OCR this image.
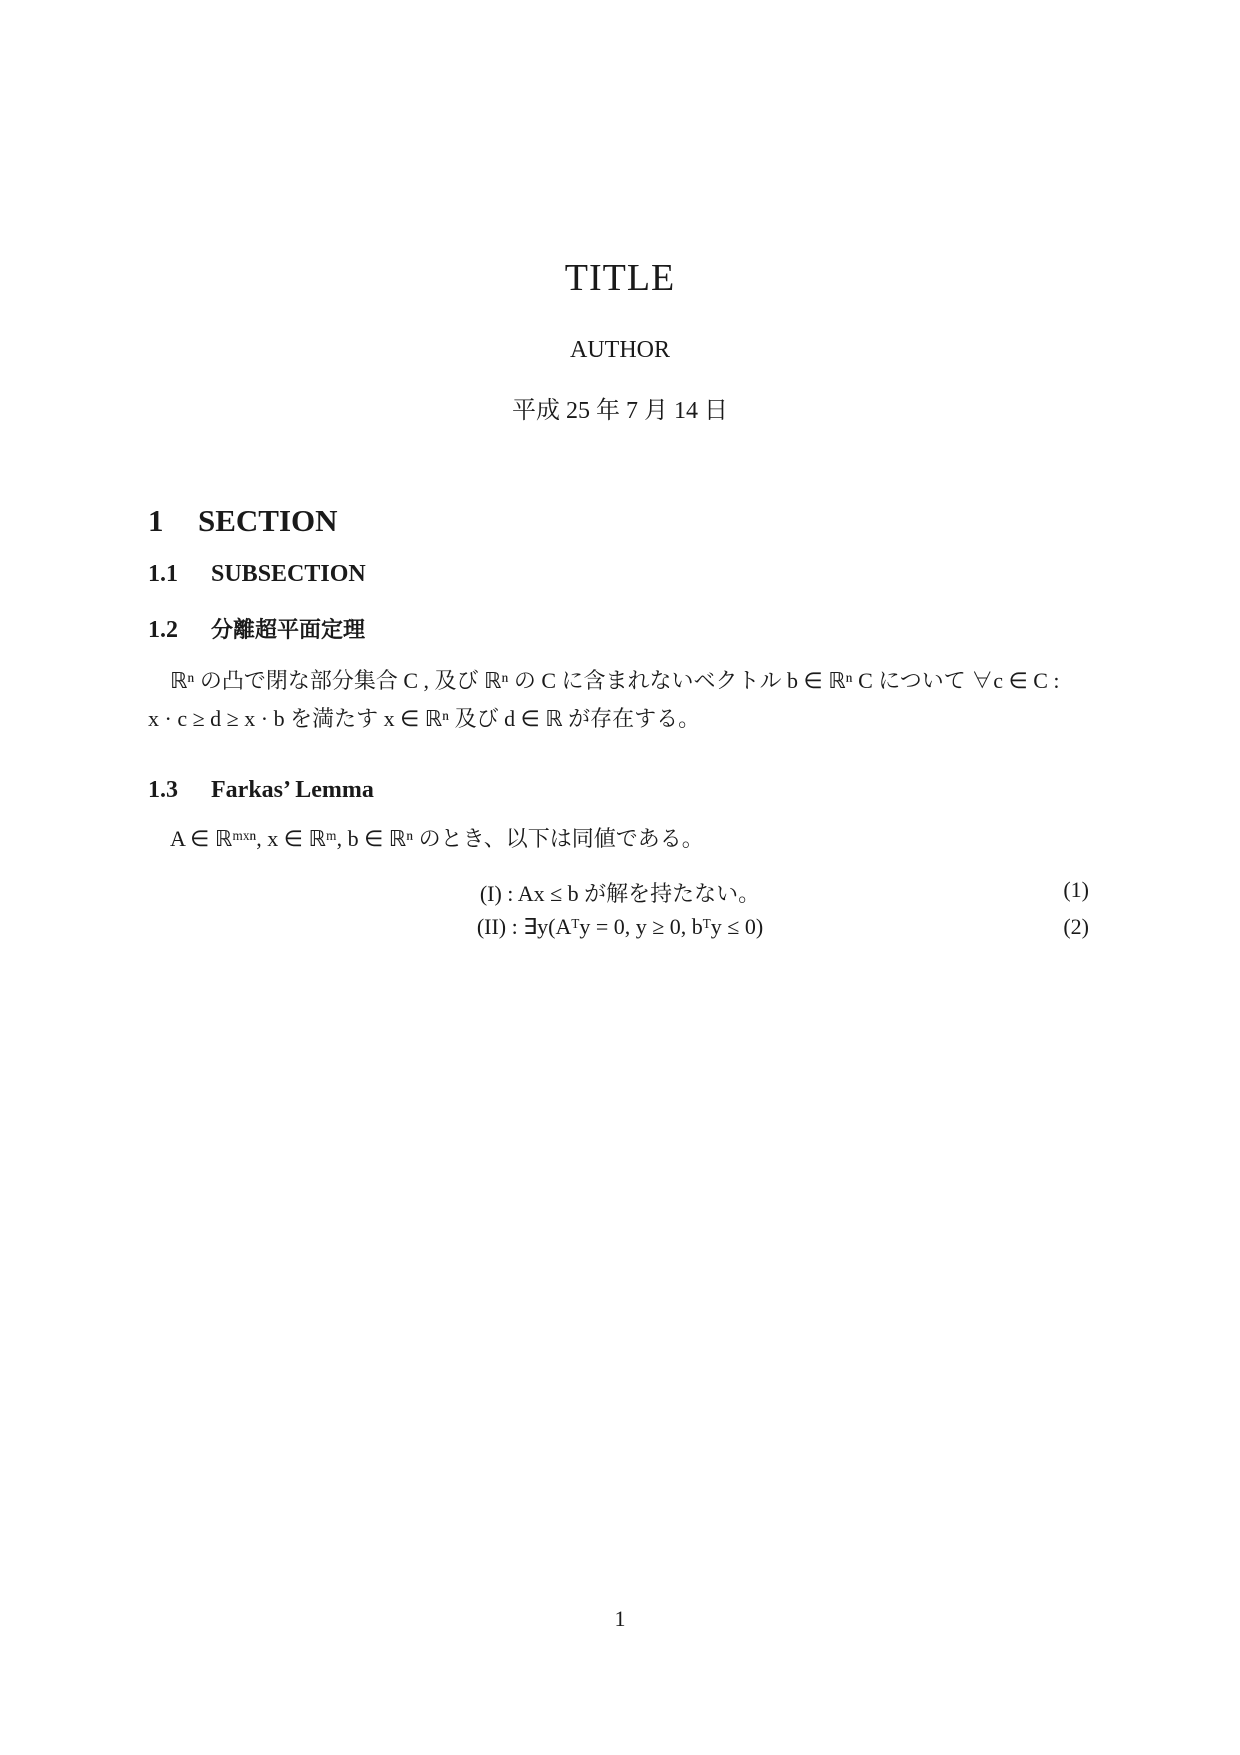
TITLE
AUTHOR
平成 25 年 7 月 14 日
1 SECTION
1.1 SUBSECTION
1.2 分離超平面定理
ℝⁿ の凸で閉な部分集合 C , 及び ℝⁿ の C に含まれないベクトル b ∈ ℝⁿ C について ∀c ∈ C :
x · c ≥ d ≥ x · b を満たす x ∈ ℝⁿ 及び d ∈ ℝ が存在する。
1.3 Farkas’ Lemma
A ∈ ℝᵐˣⁿ, x ∈ ℝᵐ, b ∈ ℝⁿ のとき、以下は同値である。
(I) : Ax ≤ b が解を持たない。	(1)
(II) : ∃y(Aᵀy = 0, y ≥ 0, bᵀy ≤ 0)	(2)
1
